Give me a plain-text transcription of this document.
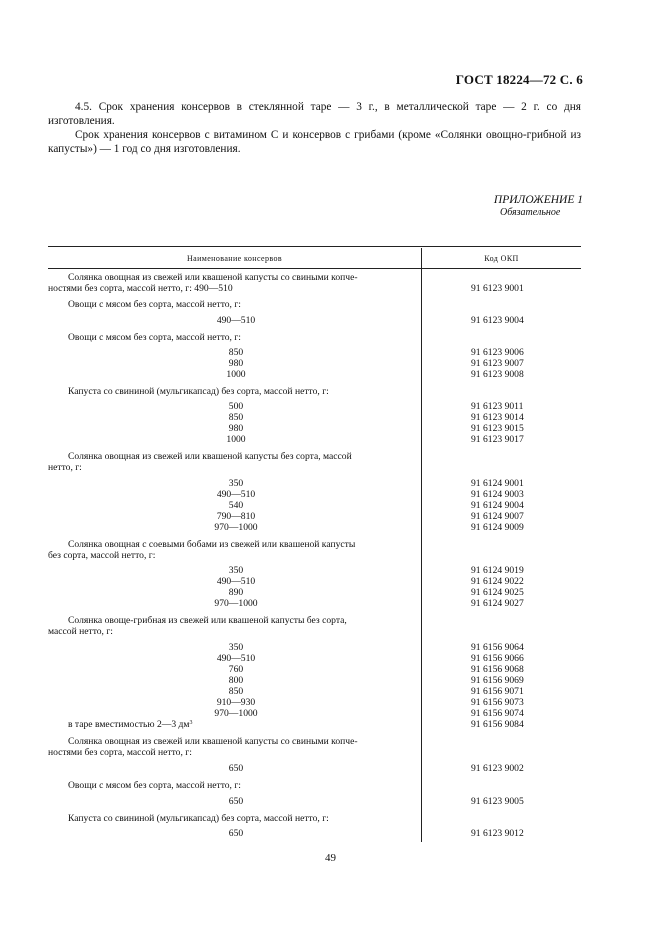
ГОСТ 18224—72 С. 6
4.5. Срок хранения консервов в стеклянной таре — 3 г., в металлической таре — 2 г. со дня изготовления.
Срок хранения консервов с витамином С и консервов с грибами (кроме «Солянки овощно-грибной из капусты») — 1 год со дня изготовления.
ПРИЛОЖЕНИЕ 1
Обязательное
Наименование консервов	Код ОКП
Солянка овощная из свежей или квашеной капусты со свиными копче-
ностями без сорта, массой нетто, г: 490—510	91 6123 9001
Овощи с мясом без сорта, массой нетто, г:
490—510	91 6123 9004
Овощи с мясом без сорта, массой нетто, г:
850	91 6123 9006
980	91 6123 9007
1000	91 6123 9008
Капуста со свининой (мульгикапсад) без сорта, массой нетто, г:
500	91 6123 9011
850	91 6123 9014
980	91 6123 9015
1000	91 6123 9017
Солянка овощная из свежей или квашеной капусты без сорта, массой
нетто, г:
350	91 6124 9001
490—510	91 6124 9003
540	91 6124 9004
790—810	91 6124 9007
970—1000	91 6124 9009
Солянка овощная с соевыми бобами из свежей или квашеной капусты
без сорта, массой нетто, г:
350	91 6124 9019
490—510	91 6124 9022
890	91 6124 9025
970—1000	91 6124 9027
Солянка овоще-грибная из свежей или квашеной капусты без сорта,
массой нетто, г:
350	91 6156 9064
490—510	91 6156 9066
760	91 6156 9068
800	91 6156 9069
850	91 6156 9071
910—930	91 6156 9073
970—1000	91 6156 9074
в таре вместимостью 2—3 $дм^3$	91 6156 9084
Солянка овощная из свежей или квашеной капусты со свиными копче-
ностями без сорта, массой нетто, г:
650	91 6123 9002
Овощи с мясом без сорта, массой нетто, г:
650	91 6123 9005
Капуста со свининой (мульгикапсад) без сорта, массой нетто, г:
650	91 6123 9012
49
